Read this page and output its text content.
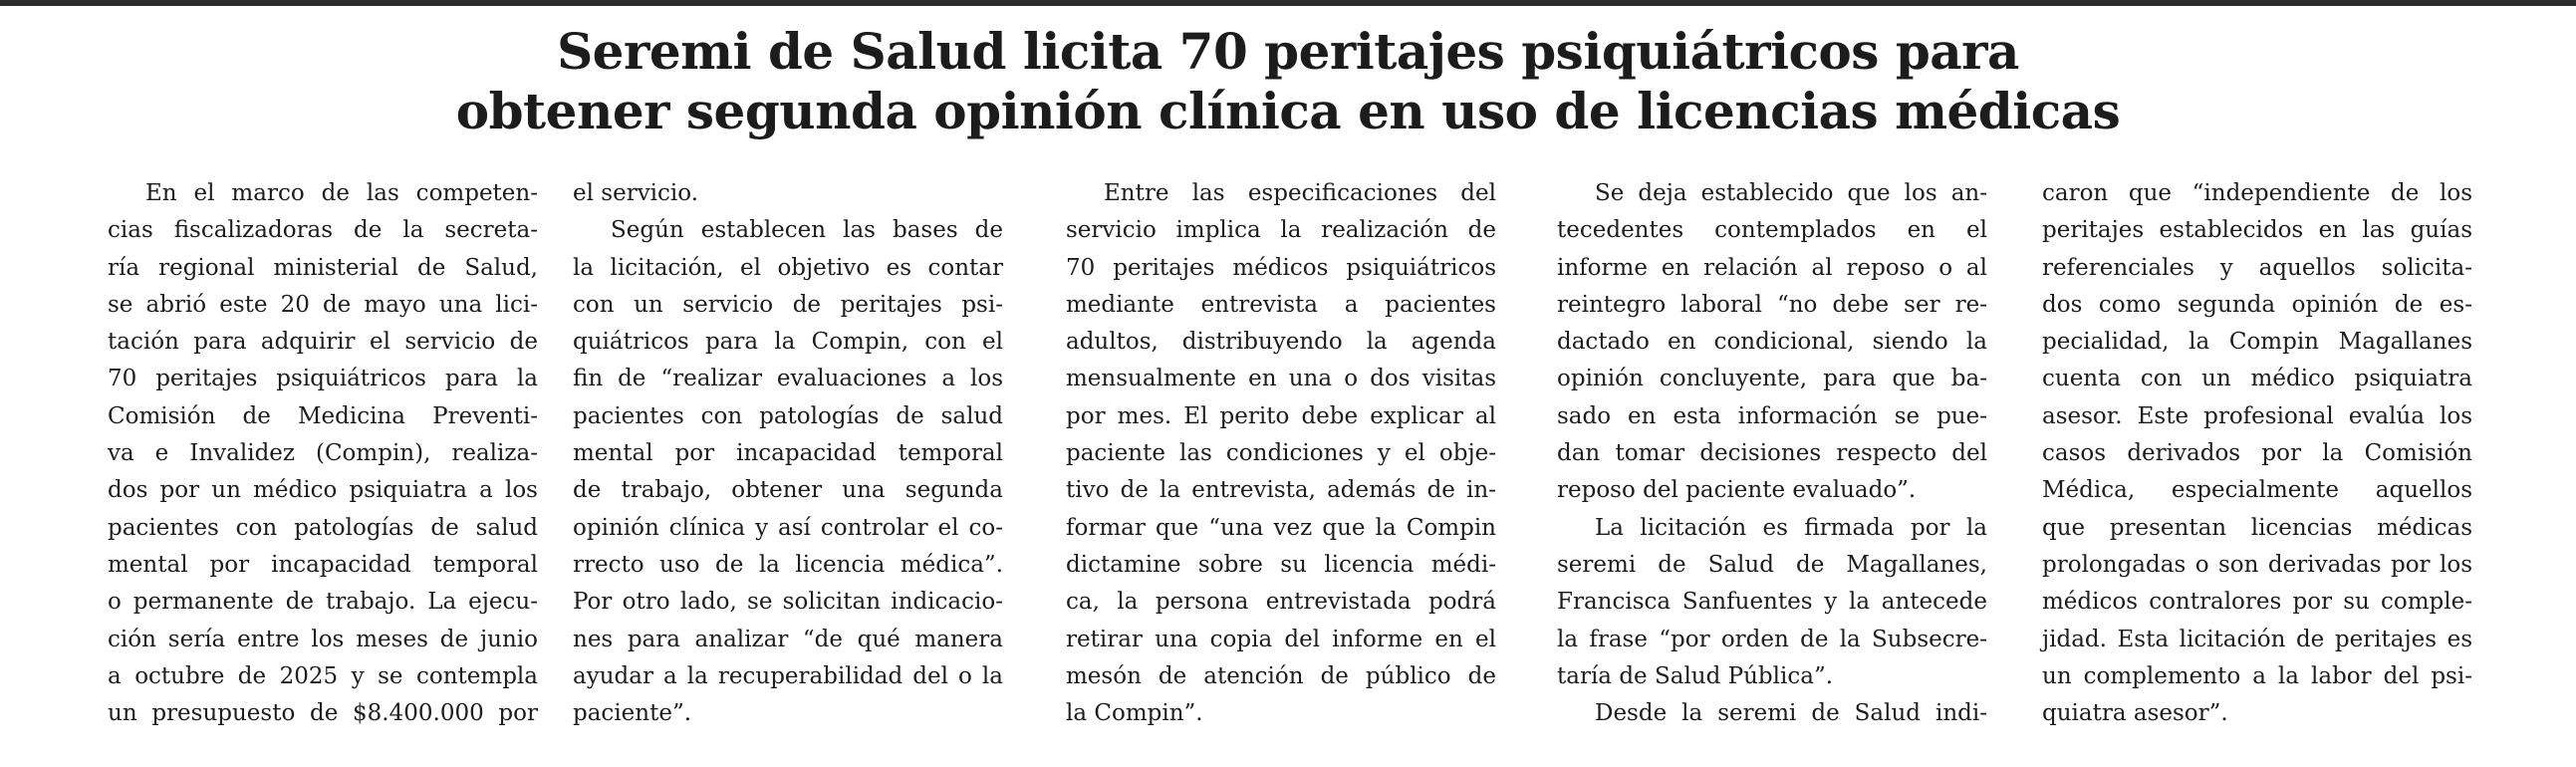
Seremi de Salud licita 70 peritajes psiquiátricos para
obtener segunda opinión clínica en uso de licencias médicas
En el marco de las competen-
cias fiscalizadoras de la secreta-
ría regional ministerial de Salud,
se abrió este 20 de mayo una lici-
tación para adquirir el servicio de
70 peritajes psiquiátricos para la
Comisión de Medicina Preventi-
va e Invalidez (Compin), realiza-
dos por un médico psiquiatra a los
pacientes con patologías de salud
mental por incapacidad temporal
o permanente de trabajo. La ejecu-
ción sería entre los meses de junio
a octubre de 2025 y se contempla
un presupuesto de $8.400.000 por
el servicio.
Según establecen las bases de
la licitación, el objetivo es contar
con un servicio de peritajes psi-
quiátricos para la Compin, con el
fin de “realizar evaluaciones a los
pacientes con patologías de salud
mental por incapacidad temporal
de trabajo, obtener una segunda
opinión clínica y así controlar el co-
rrecto uso de la licencia médica”.
Por otro lado, se solicitan indicacio-
nes para analizar “de qué manera
ayudar a la recuperabilidad del o la
paciente”.
Entre las especificaciones del
servicio implica la realización de
70 peritajes médicos psiquiátricos
mediante entrevista a pacientes
adultos, distribuyendo la agenda
mensualmente en una o dos visitas
por mes. El perito debe explicar al
paciente las condiciones y el obje-
tivo de la entrevista, además de in-
formar que “una vez que la Compin
dictamine sobre su licencia médi-
ca, la persona entrevistada podrá
retirar una copia del informe en el
mesón de atención de público de
la Compin”.
Se deja establecido que los an-
tecedentes contemplados en el
informe en relación al reposo o al
reintegro laboral “no debe ser re-
dactado en condicional, siendo la
opinión concluyente, para que ba-
sado en esta información se pue-
dan tomar decisiones respecto del
reposo del paciente evaluado”.
La licitación es firmada por la
seremi de Salud de Magallanes,
Francisca Sanfuentes y la antecede
la frase “por orden de la Subsecre-
taría de Salud Pública”.
Desde la seremi de Salud indi-
caron que “independiente de los
peritajes establecidos en las guías
referenciales y aquellos solicita-
dos como segunda opinión de es-
pecialidad, la Compin Magallanes
cuenta con un médico psiquiatra
asesor. Este profesional evalúa los
casos derivados por la Comisión
Médica, especialmente aquellos
que presentan licencias médicas
prolongadas o son derivadas por los
médicos contralores por su comple-
jidad. Esta licitación de peritajes es
un complemento a la labor del psi-
quiatra asesor”.
